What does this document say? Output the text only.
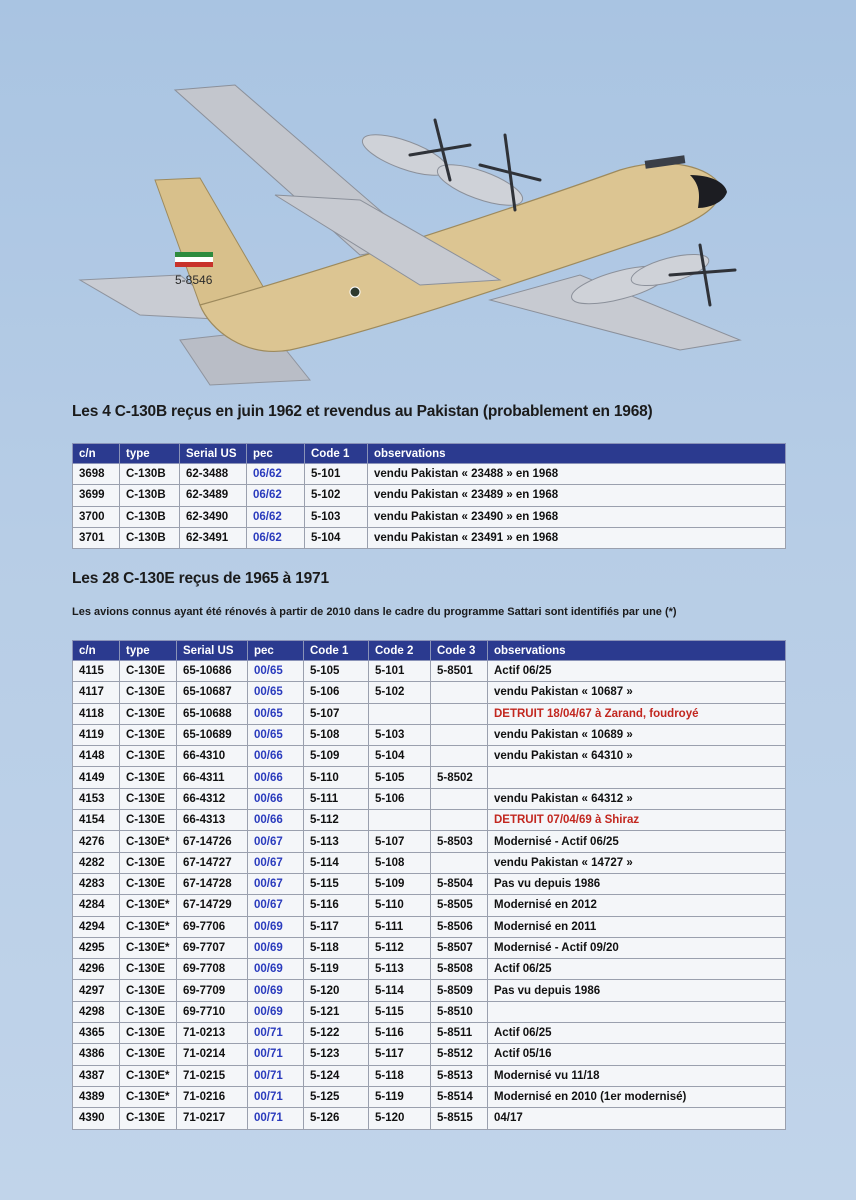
5-8546
Les 4 C-130B reçus en juin 1962 et revendus au Pakistan (probablement en 1968)
c/n	type	Serial US	pec	Code 1	observations
3698	C-130B	62-3488	06/62	5-101	vendu Pakistan « 23488 » en 1968
3699	C-130B	62-3489	06/62	5-102	vendu Pakistan « 23489 » en 1968
3700	C-130B	62-3490	06/62	5-103	vendu Pakistan « 23490 » en 1968
3701	C-130B	62-3491	06/62	5-104	vendu Pakistan « 23491 » en 1968
Les 28 C-130E reçus de 1965 à 1971
Les avions connus ayant été rénovés à partir de 2010 dans le cadre du programme Sattari sont identifiés par une (*)
c/n	type	Serial US	pec	Code 1	Code 2	Code 3	observations
4115	C-130E	65-10686	00/65	5-105	5-101	5-8501	Actif 06/25
4117	C-130E	65-10687	00/65	5-106	5-102		vendu Pakistan « 10687 »
4118	C-130E	65-10688	00/65	5-107			DETRUIT 18/04/67 à Zarand, foudroyé
4119	C-130E	65-10689	00/65	5-108	5-103		vendu Pakistan « 10689 »
4148	C-130E	66-4310	00/66	5-109	5-104		vendu Pakistan « 64310 »
4149	C-130E	66-4311	00/66	5-110	5-105	5-8502	
4153	C-130E	66-4312	00/66	5-111	5-106		vendu Pakistan « 64312 »
4154	C-130E	66-4313	00/66	5-112			DETRUIT 07/04/69 à Shiraz
4276	C-130E*	67-14726	00/67	5-113	5-107	5-8503	Modernisé - Actif 06/25
4282	C-130E	67-14727	00/67	5-114	5-108		vendu Pakistan « 14727 »
4283	C-130E	67-14728	00/67	5-115	5-109	5-8504	Pas vu depuis 1986
4284	C-130E*	67-14729	00/67	5-116	5-110	5-8505	Modernisé en 2012
4294	C-130E*	69-7706	00/69	5-117	5-111	5-8506	Modernisé en 2011
4295	C-130E*	69-7707	00/69	5-118	5-112	5-8507	Modernisé - Actif 09/20
4296	C-130E	69-7708	00/69	5-119	5-113	5-8508	Actif 06/25
4297	C-130E	69-7709	00/69	5-120	5-114	5-8509	Pas vu depuis 1986
4298	C-130E	69-7710	00/69	5-121	5-115	5-8510	
4365	C-130E	71-0213	00/71	5-122	5-116	5-8511	Actif 06/25
4386	C-130E	71-0214	00/71	5-123	5-117	5-8512	Actif 05/16
4387	C-130E*	71-0215	00/71	5-124	5-118	5-8513	Modernisé vu 11/18
4389	C-130E*	71-0216	00/71	5-125	5-119	5-8514	Modernisé en 2010 (1er modernisé)
4390	C-130E	71-0217	00/71	5-126	5-120	5-8515	04/17
